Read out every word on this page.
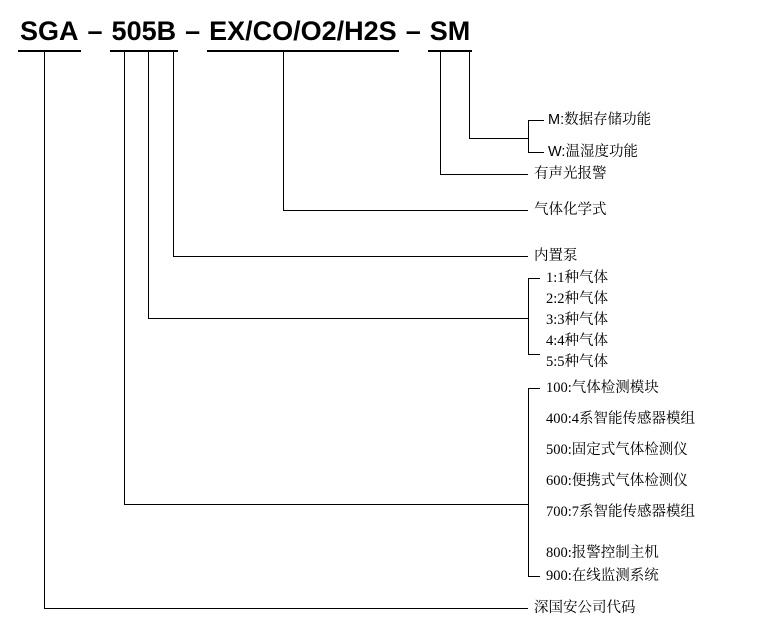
SGA – 505B – EX/CO/O2/H2S – SM
M:数据存储功能
W:温湿度功能
有声光报警
气体化学式
内置泵
1:1种气体
2:2种气体
3:3种气体
4:4种气体
5:5种气体
100:气体检测模块
400:4系智能传感器模组
500:固定式气体检测仪
600:便携式气体检测仪
700:7系智能传感器模组
800:报警控制主机
900:在线监测系统
深国安公司代码
